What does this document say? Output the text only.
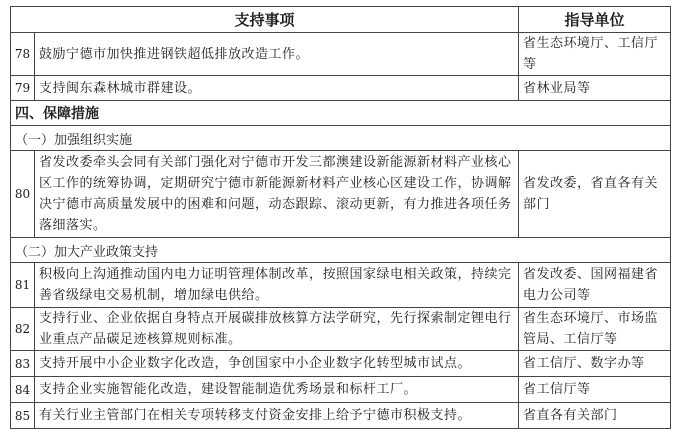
支持事项		指导单位
78	鼓励宁德市加快推进钢铁超低排放改造工作。	省生态环境厅、工信厅等
79	支持闽东森林城市群建设。	省林业局等
四、保障措施		
（一）加强组织实施		
80	省发改委牵头会同有关部门强化对宁德市开发三都澳建设新能源新材料产业核心区工作的统筹协调，定期研究宁德市新能源新材料产业核心区建设工作，协调解决宁德市高质量发展中的困难和问题，动态跟踪、滚动更新，有力推进各项任务落细落实。	省发改委，省直各有关部门
（二）加大产业政策支持		
81	积极向上沟通推动国内电力证明管理体制改革，按照国家绿电相关政策，持续完善省级绿电交易机制，增加绿电供给。	省发改委、国网福建省电力公司等
82	支持行业、企业依据自身特点开展碳排放核算方法学研究，先行探索制定锂电行业重点产品碳足迹核算规则标准。	省生态环境厅、市场监管局、工信厅等
83	支持开展中小企业数字化改造，争创国家中小企业数字化转型城市试点。	省工信厅、数字办等
84	支持企业实施智能化改造，建设智能制造优秀场景和标杆工厂。	省工信厅等
85	有关行业主管部门在相关专项转移支付资金安排上给予宁德市积极支持。	省直各有关部门
